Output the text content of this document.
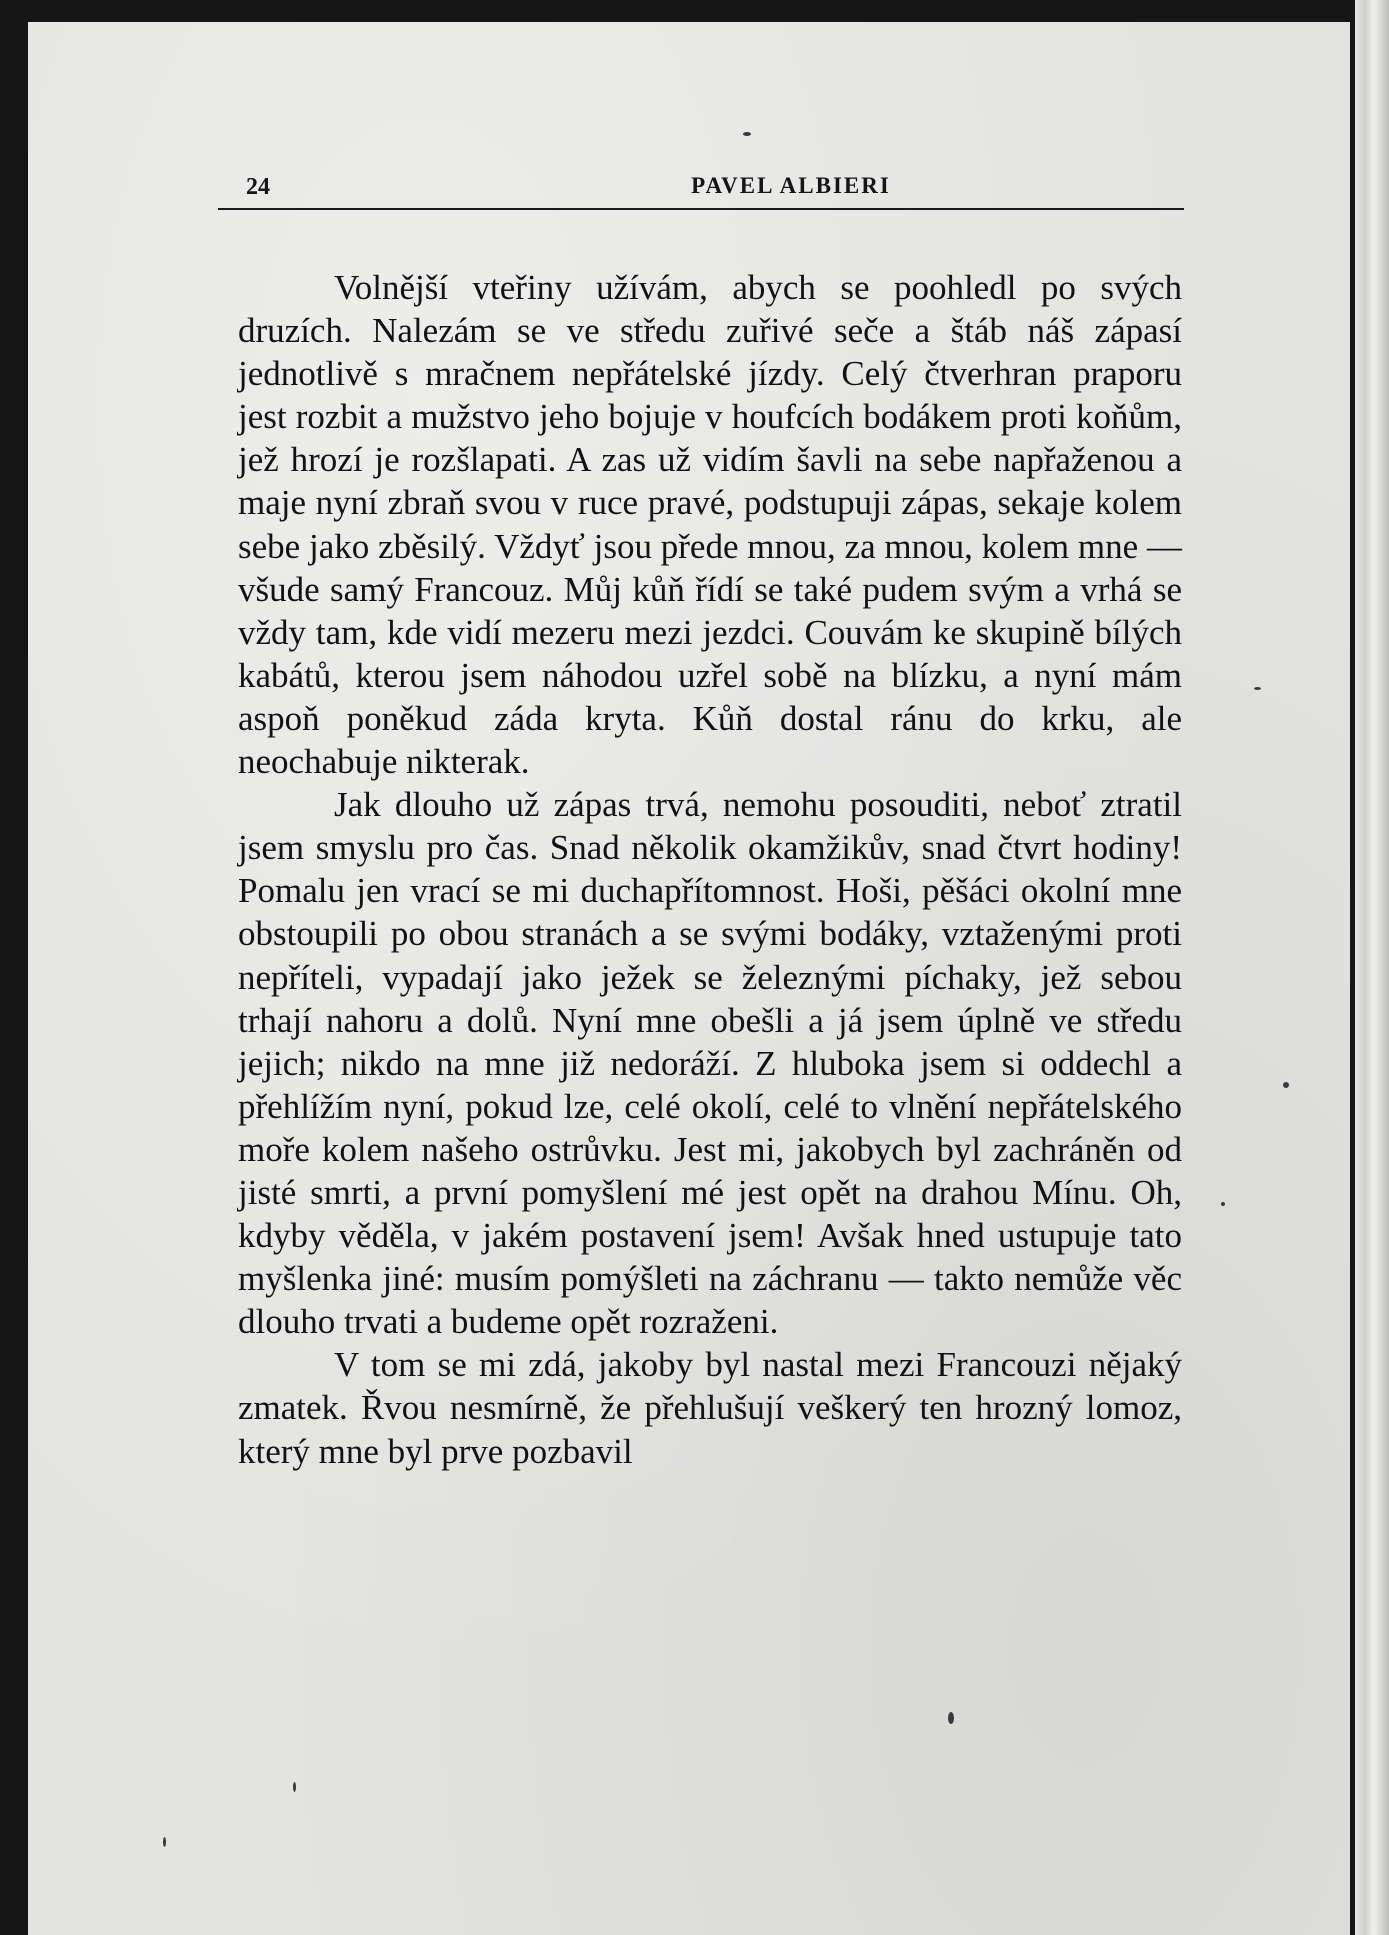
24	PAVEL ALBIERI

Volnější vteřiny užívám, abych se poohledl po svých druzích. Nalezám se ve středu zuřivé seče a štáb náš zápasí jednotlivě s mračnem nepřátelské jízdy. Celý čtverhran praporu jest rozbit a mužstvo jeho bojuje v houfcích bodákem proti koňům, jež hrozí je rozšlapati. A zas už vidím šavli na sebe napřaženou a maje nyní zbraň svou v ruce pravé, podstupuji zápas, sekaje kolem sebe jako zběsilý. Vždyť jsou přede mnou, za mnou, kolem mne — všude samý Francouz. Můj kůň řídí se také pudem svým a vrhá se vždy tam, kde vidí mezeru mezi jezdci. Couvám ke skupině bílých kabátů, kterou jsem náhodou uzřel sobě na blízku, a nyní mám aspoň poněkud záda kryta. Kůň dostal ránu do krku, ale neochabuje nikterak.

Jak dlouho už zápas trvá, nemohu posouditi, neboť ztratil jsem smyslu pro čas. Snad několik okamžikův, snad čtvrt hodiny! Pomalu jen vrací se mi duchapřítomnost. Hoši, pěšáci okolní mne obstoupili po obou stranách a se svými bodáky, vztaženými proti nepříteli, vypadají jako ježek se železnými píchaky, jež sebou trhají nahoru a dolů. Nyní mne obešli a já jsem úplně ve středu jejich; nikdo na mne již nedoráží. Z hluboka jsem si oddechl a přehlížím nyní, pokud lze, celé okolí, celé to vlnění nepřátelského moře kolem našeho ostrůvku. Jest mi, jakobych byl zachráněn od jisté smrti, a první pomyšlení mé jest opět na drahou Mínu. Oh, kdyby věděla, v jakém postavení jsem! Avšak hned ustupuje tato myšlenka jiné: musím pomýšleti na záchranu — takto nemůže věc dlouho trvati a budeme opět rozraženi.

V tom se mi zdá, jakoby byl nastal mezi Francouzi nějaký zmatek. Řvou nesmírně, že přehlušují veškerý ten hrozný lomoz, který mne byl prve pozbavil
